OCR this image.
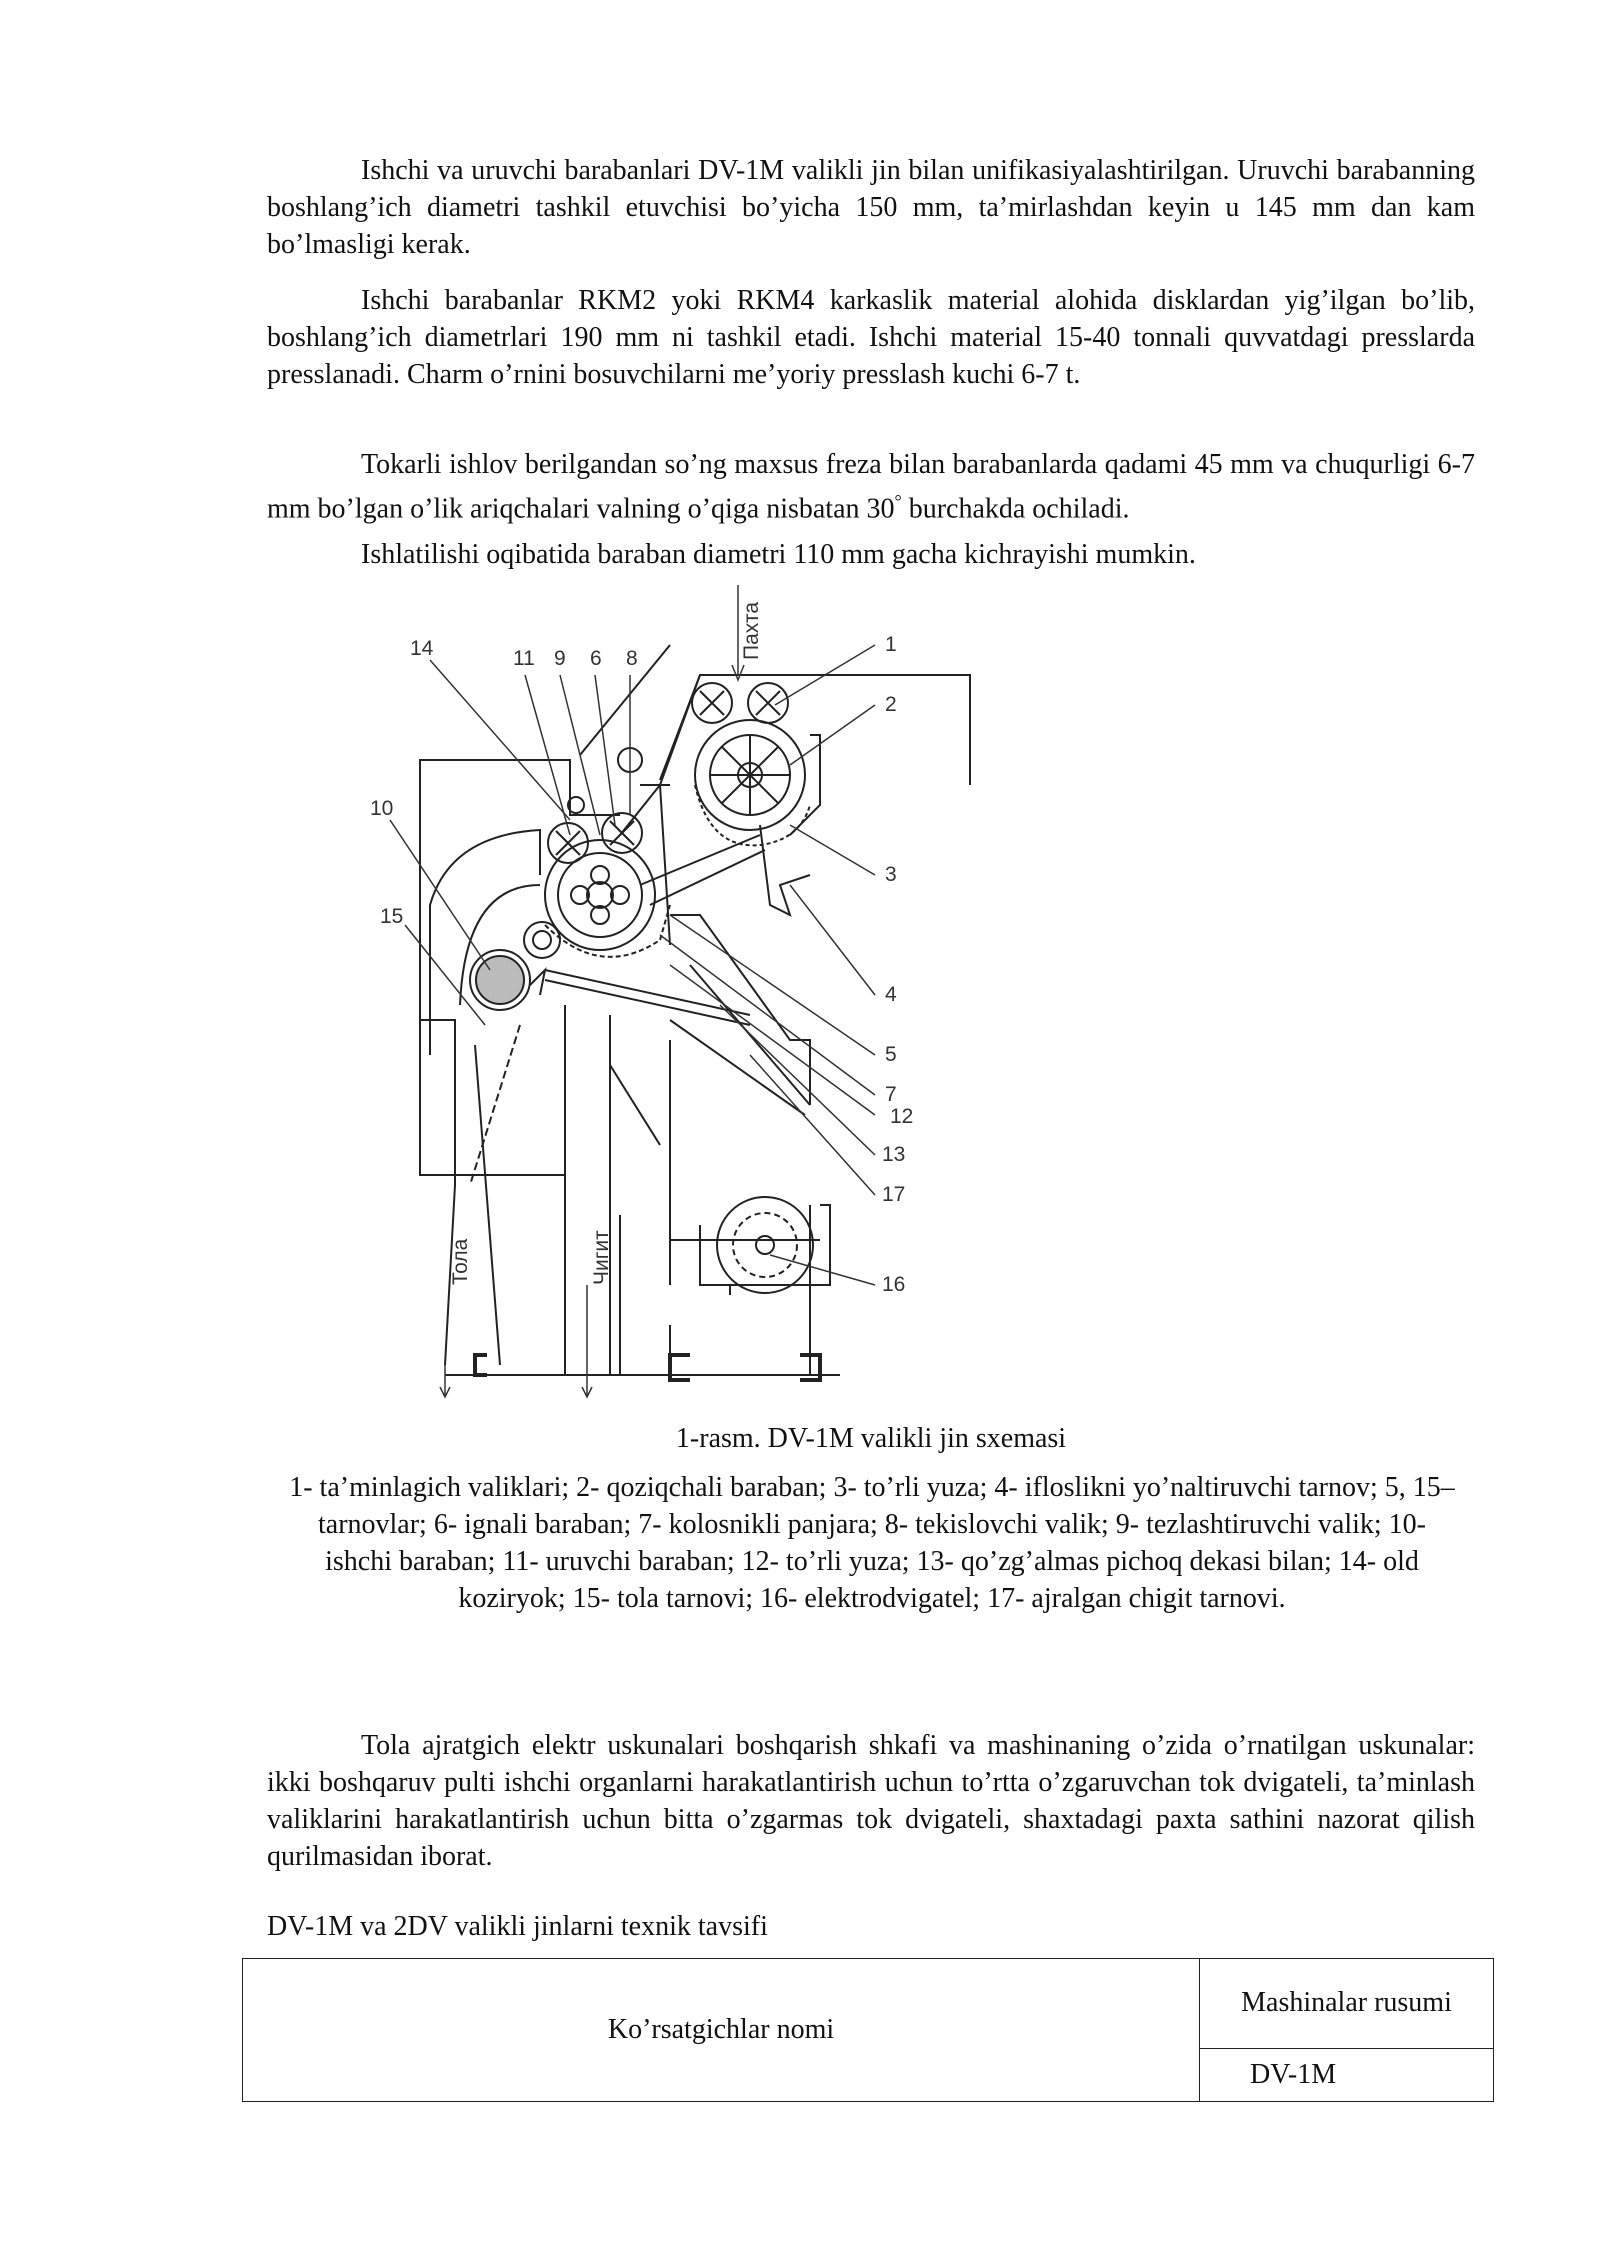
Ishchi va uruvchi barabanlari DV-1M valikli jin bilan unifikasiyalashtirilgan. Uruvchi barabanning boshlang’ich diametri tashkil etuvchisi bo’yicha 150 mm, ta’mirlashdan keyin u 145 mm dan kam bo’lmasligi kerak.

Ishchi barabanlar RKM2 yoki RKM4 karkaslik material alohida disklardan yig’ilgan bo’lib, boshlang’ich diametrlari 190 mm ni tashkil etadi. Ishchi material 15-40 tonnali quvvatdagi presslarda presslanadi. Charm o’rnini bosuvchilarni me’yoriy presslash kuchi 6-7 t.

Tokarli ishlov berilgandan so’ng maxsus freza bilan barabanlarda qadami 45 mm va chuqurligi 6-7 mm bo’lgan o’lik ariqchalari valning o’qiga nisbatan 30° burchakda ochiladi.

Ishlatilishi oqibatida baraban diametri 110 mm gacha kichrayishi mumkin.

1
2
3
4
5
7
12
13
17
16
14	11 9 6 8
10
15
Пахта
Тола	Чигит

1-rasm. DV-1M valikli jin sxemasi

1- ta’minlagich valiklari; 2- qoziqchali baraban; 3- to’rli yuza; 4- ifloslikni yo’naltiruvchi tarnov; 5, 15–tarnovlar; 6- ignali baraban; 7- kolosnikli panjara; 8- tekislovchi valik; 9- tezlashtiruvchi valik; 10- ishchi baraban; 11- uruvchi baraban; 12- to’rli yuza; 13- qo’zg’almas pichoq dekasi bilan; 14- old koziryok; 15- tola tarnovi; 16- elektrodvigatel; 17- ajralgan chigit tarnovi.

Tola ajratgich elektr uskunalari boshqarish shkafi va mashinaning o’zida o’rnatilgan uskunalar: ikki boshqaruv pulti ishchi organlarni harakatlantirish uchun to’rtta o’zgaruvchan tok dvigateli, ta’minlash valiklarini harakatlantirish uchun bitta o’zgarmas tok dvigateli, shaxtadagi paxta sathini nazorat qilish qurilmasidan iborat.

DV-1M va 2DV valikli jinlarni texnik tavsifi

Ko’rsatgichlar nomi	Mashinalar rusumi
DV-1M
